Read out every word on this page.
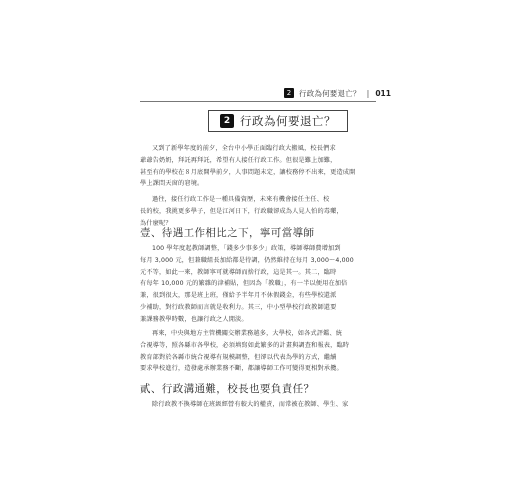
2	行政為何要退亡？ | 011
2 行政為何要退亡？
又到了新學年度的前夕，全台中小學正面臨行政大搬風，校長們求
爺爺告奶奶，拜託再拜託，希望有人接任行政工作。但很是難上加難，
甚至有的學校在８月底開學前夕，人事問題未定，讓校務停不出來，更造成開
學上課問天窗的窘境。
過往，接任行政工作是一種具備資歷，未來有機會接任主任、校
長的校，我挑更多學子，但是江河日下，行政職卻成為人見人怕的毒藥，
為什麼呢？
壹、待遇工作相比之下，寧可當導師
100 學年度起教師調整，「錢多少事多少」政策，導師導師費增加到
每月 3,000 元，但兼職組長加給都是待調，仍然維持在每月 3,000～4,000
元不等，如此一來，教師寧可就導師而捨行政，這是其一。其二，臨時
有每年 10,000 元的繁雜的津補貼，但因為「教職」，有一半以便用在加倍
兼，很到很大，那是班上班，僅給予半年月不休假錢金，有些學校還派
少補助，對行政教師而言就是收利力。其三，中小型學校行政教師還要
兼課務教學時數，也讓行政之人閒淡。
再來，中央與地方主管機關交辦業務越多，大學校，如各式評鑑、統
合視導等，照各縣市各學校，必須填寫如此繁多的計畫與調查和報表，臨時
教育部對於各縣市統合視導有規模調整，但卻以代表為學的方式，繼續
要求學校進行，造發處承辦業務不斷，都讓導師工作可變得更相對承攬。
貳、行政溝通難，校長也要負責任？
除行政教不換導師在班級經營有較大的權責，而常被在教師、學生、家
